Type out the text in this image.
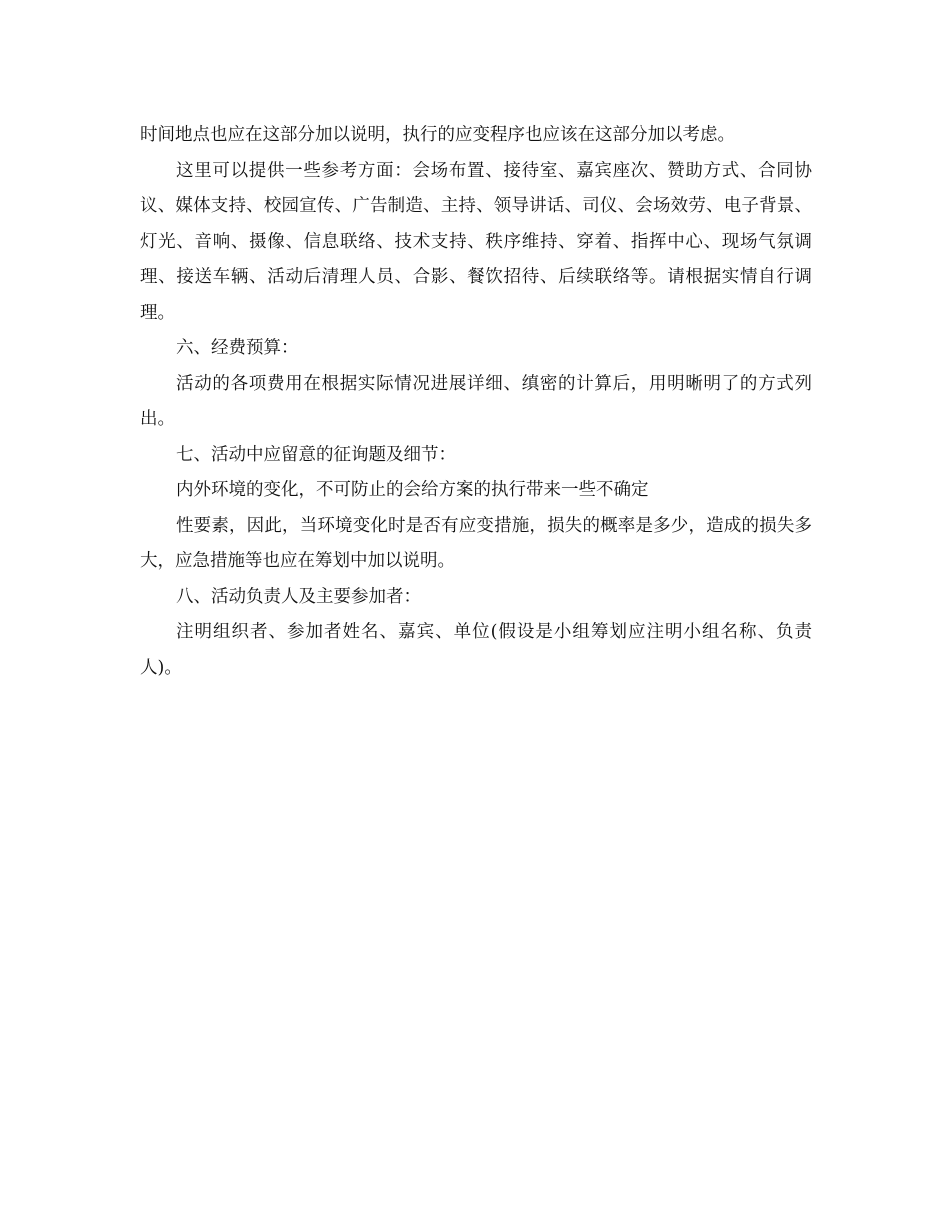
时间地点也应在这部分加以说明，执行的应变程序也应该在这部分加以考虑。

这里可以提供一些参考方面：会场布置、接待室、嘉宾座次、赞助方式、合同协议、媒体支持、校园宣传、广告制造、主持、领导讲话、司仪、会场效劳、电子背景、灯光、音响、摄像、信息联络、技术支持、秩序维持、穿着、指挥中心、现场气氛调理、接送车辆、活动后清理人员、合影、餐饮招待、后续联络等。请根据实情自行调理。

六、经费预算：

活动的各项费用在根据实际情况进展详细、缜密的计算后，用明晰明了的方式列出。

七、活动中应留意的征询题及细节：

内外环境的变化，不可防止的会给方案的执行带来一些不确定

性要素，因此，当环境变化时是否有应变措施，损失的概率是多少，造成的损失多大，应急措施等也应在筹划中加以说明。

八、活动负责人及主要参加者：

注明组织者、参加者姓名、嘉宾、单位(假设是小组筹划应注明小组名称、负责人)。
